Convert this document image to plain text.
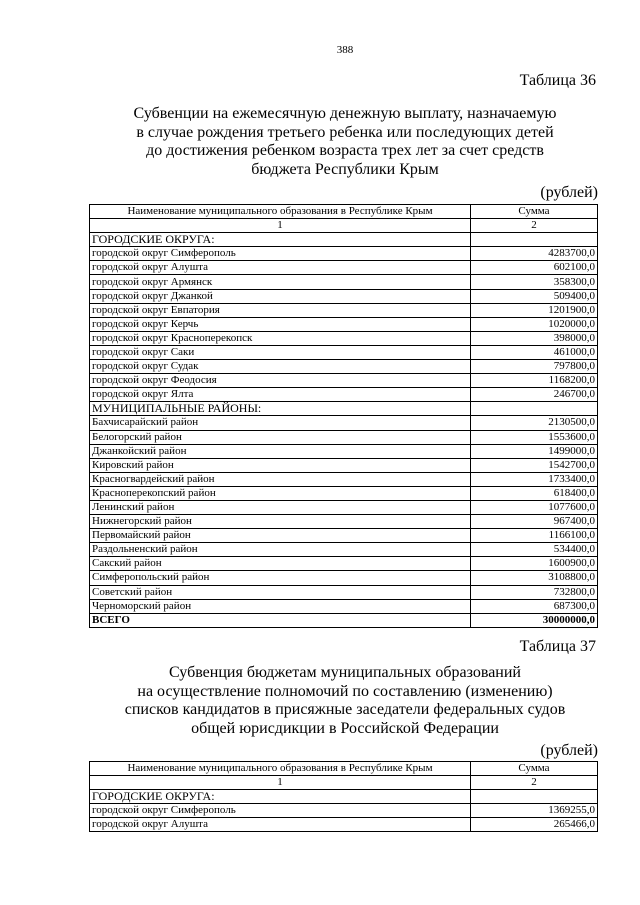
388
Таблица 36
Субвенции на ежемесячную денежную выплату, назначаемую
в случае рождения третьего ребенка или последующих детей
до достижения ребенком возраста трех лет за счет средств
бюджета Республики Крым
(рублей)
Наименование муниципального образования в Республике Крым	Сумма
1	2
ГОРОДСКИЕ ОКРУГА:	
городской округ Симферополь	4283700,0
городской округ Алушта	602100,0
городской округ Армянск	358300,0
городской округ Джанкой	509400,0
городской округ Евпатория	1201900,0
городской округ Керчь	1020000,0
городской округ Красноперекопск	398000,0
городской округ Саки	461000,0
городской округ Судак	797800,0
городской округ Феодосия	1168200,0
городской округ Ялта	246700,0
МУНИЦИПАЛЬНЫЕ РАЙОНЫ:	
Бахчисарайский район	2130500,0
Белогорский район	1553600,0
Джанкойский район	1499000,0
Кировский район	1542700,0
Красногвардейский район	1733400,0
Красноперекопский район	618400,0
Ленинский район	1077600,0
Нижнегорский район	967400,0
Первомайский район	1166100,0
Раздольненский район	534400,0
Сакский район	1600900,0
Симферопольский район	3108800,0
Советский район	732800,0
Черноморский район	687300,0
ВСЕГО	30000000,0
Таблица 37
Субвенция бюджетам муниципальных образований
на осуществление полномочий по составлению (изменению)
списков кандидатов в присяжные заседатели федеральных судов
общей юрисдикции в Российской Федерации
(рублей)
Наименование муниципального образования в Республике Крым	Сумма
1	2
ГОРОДСКИЕ ОКРУГА:	
городской округ Симферополь	1369255,0
городской округ Алушта	265466,0
